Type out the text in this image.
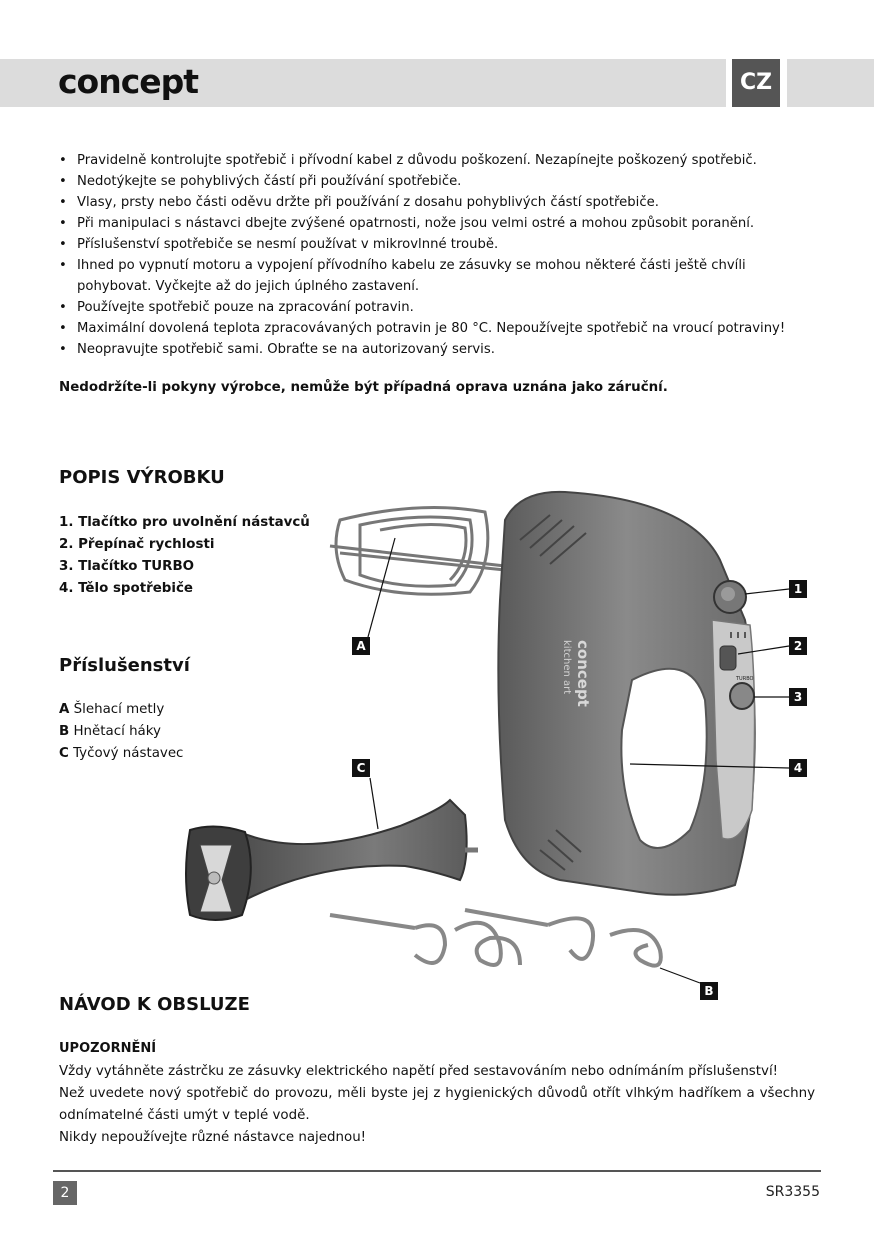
concept	CZ
• Pravidelně kontrolujte spotřebič i přívodní kabel z důvodu poškození. Nezapínejte poškozený spotřebič.
• Nedotýkejte se pohyblivých částí při používání spotřebiče.
• Vlasy, prsty nebo části oděvu držte při používání z dosahu pohyblivých částí spotřebiče.
• Při manipulaci s nástavci dbejte zvýšené opatrnosti, nože jsou velmi ostré a mohou způsobit poranění.
• Příslušenství spotřebiče se nesmí používat v mikrovlnné troubě.
• Ihned po vypnutí motoru a vypojení přívodního kabelu ze zásuvky se mohou některé části ještě chvíli pohybovat. Vyčkejte až do jejich úplného zastavení.
• Používejte spotřebič pouze na zpracování potravin.
• Maximální dovolená teplota zpracovávaných potravin je 80 °C. Nepoužívejte spotřebič na vroucí potraviny!
• Neopravujte spotřebič sami. Obraťte se na autorizovaný servis.
Nedodržíte-li pokyny výrobce, nemůže být případná oprava uznána jako záruční.
POPIS VÝROBKU
1. Tlačítko pro uvolnění nástavců
2. Přepínač rychlosti
3. Tlačítko TURBO
4. Tělo spotřebiče
Příslušenství
A Šlehací metly
B Hnětací háky
C Tyčový nástavec
TURBO
concept
kitchen art
1
2
3
4
A
B
C
NÁVOD K OBSLUZE
UPOZORNĚNÍ

Vždy vytáhněte zástrčku ze zásuvky elektrického napětí před sestavováním nebo odnímáním příslušenství!

Než uvedete nový spotřebič do provozu, měli byste jej z hygienických důvodů otřít vlhkým hadříkem a všechny odnímatelné části umýt v teplé vodě.

Nikdy nepoužívejte různé nástavce najednou!

2	SR3355
